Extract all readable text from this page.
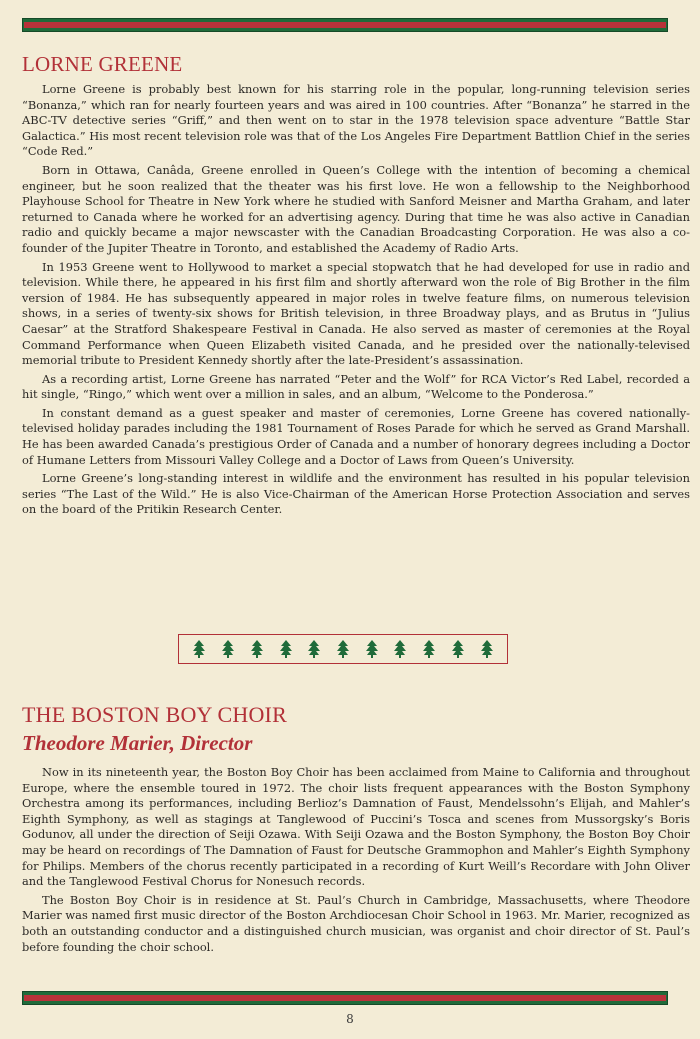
LORNE GREENE

Lorne Greene is probably best known for his starring role in the popular, long-running television series “Bonanza,” which ran for nearly fourteen years and was aired in 100 countries. After “Bonanza” he starred in the ABC-TV detective series “Griff,” and then went on to star in the 1978 television space adventure “Battle Star Galactica.” His most recent television role was that of the Los Angeles Fire Department Battlion Chief in the series “Code Red.”

Born in Ottawa, Canâda, Greene enrolled in Queen’s College with the intention of becoming a chemical engineer, but he soon realized that the theater was his first love. He won a fellowship to the Neighborhood Playhouse School for Theatre in New York where he studied with Sanford Meisner and Martha Graham, and later returned to Canada where he worked for an advertising agency. During that time he was also active in Canadian radio and quickly became a major newscaster with the Canadian Broadcasting Corporation. He was also a co-founder of the Jupiter Theatre in Toronto, and established the Academy of Radio Arts.

In 1953 Greene went to Hollywood to market a special stopwatch that he had developed for use in radio and television. While there, he appeared in his first film and shortly afterward won the role of Big Brother in the film version of 1984. He has subsequently appeared in major roles in twelve feature films, on numerous television shows, in a series of twenty-six shows for British television, in three Broadway plays, and as Brutus in “Julius Caesar” at the Stratford Shakespeare Festival in Canada. He also served as master of ceremonies at the Royal Command Performance when Queen Elizabeth visited Canada, and he presided over the nationally-televised memorial tribute to President Kennedy shortly after the late-President’s assassination.

As a recording artist, Lorne Greene has narrated “Peter and the Wolf” for RCA Victor’s Red Label, recorded a hit single, “Ringo,” which went over a million in sales, and an album, “Welcome to the Ponderosa.”

In constant demand as a guest speaker and master of ceremonies, Lorne Greene has covered nationally-televised holiday parades including the 1981 Tournament of Roses Parade for which he served as Grand Marshall. He has been awarded Canada’s prestigious Order of Canada and a number of honorary degrees including a Doctor of Humane Letters from Missouri Valley College and a Doctor of Laws from Queen’s University.

Lorne Greene’s long-standing interest in wildlife and the environment has resulted in his popular television series “The Last of the Wild.” He is also Vice-Chairman of the American Horse Protection Association and serves on the board of the Pritikin Research Center.

THE BOSTON BOY CHOIR
Theodore Marier, Director

Now in its nineteenth year, the Boston Boy Choir has been acclaimed from Maine to California and throughout Europe, where the ensemble toured in 1972. The choir lists frequent appearances with the Boston Symphony Orchestra among its performances, including Berlioz’s Damnation of Faust, Mendelssohn’s Elijah, and Mahler’s Eighth Symphony, as well as stagings at Tanglewood of Puccini’s Tosca and scenes from Mussorgsky’s Boris Godunov, all under the direction of Seiji Ozawa. With Seiji Ozawa and the Boston Symphony, the Boston Boy Choir may be heard on recordings of The Damnation of Faust for Deutsche Grammophon and Mahler’s Eighth Symphony for Philips. Members of the chorus recently participated in a recording of Kurt Weill’s Recordare with John Oliver and the Tanglewood Festival Chorus for Nonesuch records.

The Boston Boy Choir is in residence at St. Paul’s Church in Cambridge, Massachusetts, where Theodore Marier was named first music director of the Boston Archdiocesan Choir School in 1963. Mr. Marier, recognized as both an outstanding conductor and a distinguished church musician, was organist and choir director of St. Paul’s before founding the choir school.

8
